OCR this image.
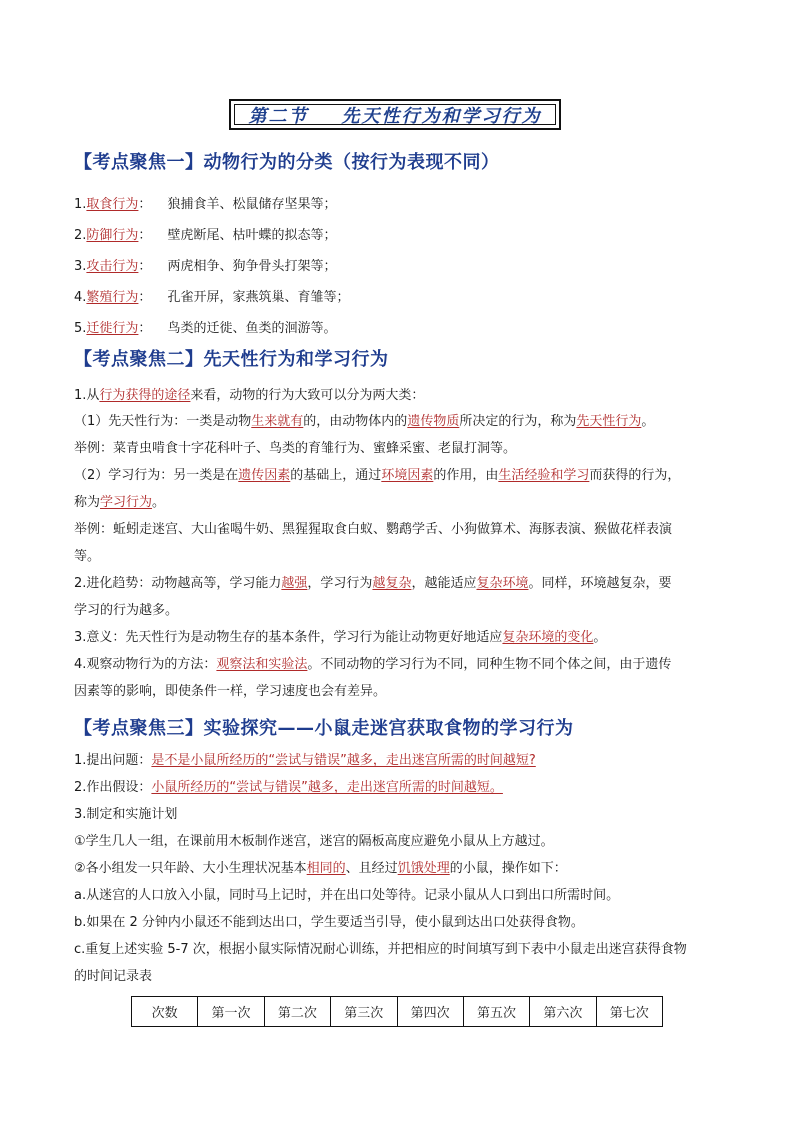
第二节    先天性行为和学习行为
【考点聚焦一】动物行为的分类（按行为表现不同）
1.取食行为： 狼捕食羊、松鼠储存坚果等；
2.防御行为： 壁虎断尾、枯叶蝶的拟态等；
3.攻击行为： 两虎相争、狗争骨头打架等；
4.繁殖行为： 孔雀开屏，家燕筑巢、育雏等；
5.迁徙行为： 鸟类的迁徙、鱼类的洄游等。
【考点聚焦二】先天性行为和学习行为
1.从行为获得的途径来看，动物的行为大致可以分为两大类：
（1）先天性行为：一类是动物生来就有的，由动物体内的遗传物质所决定的行为，称为先天性行为。
举例：菜青虫啃食十字花科叶子、鸟类的育雏行为、蜜蜂采蜜、老鼠打洞等。
（2）学习行为：另一类是在遗传因素的基础上，通过环境因素的作用，由生活经验和学习而获得的行为，
称为学习行为。
举例：蚯蚓走迷宫、大山雀喝牛奶、黑猩猩取食白蚁、鹦鹉学舌、小狗做算术、海豚表演、猴做花样表演
等。
2.进化趋势：动物越高等，学习能力越强，学习行为越复杂，越能适应复杂环境。同样，环境越复杂，要
学习的行为越多。
3.意义：先天性行为是动物生存的基本条件，学习行为能让动物更好地适应复杂环境的变化。
4.观察动物行为的方法：观察法和实验法。不同动物的学习行为不同，同种生物不同个体之间，由于遗传
因素等的影响，即使条件一样，学习速度也会有差异。
【考点聚焦三】实验探究——小鼠走迷宫获取食物的学习行为
1.提出问题：是不是小鼠所经历的“尝试与错误”越多，走出迷宫所需的时间越短?
2.作出假设：小鼠所经历的“尝试与错误”越多，走出迷宫所需的时间越短。
3.制定和实施计划
①学生几人一组，在课前用木板制作迷宫，迷宫的隔板高度应避免小鼠从上方越过。
②各小组发一只年龄、大小生理状况基本相同的、且经过饥饿处理的小鼠，操作如下：
a.从迷宫的人口放入小鼠，同时马上记时，并在出口处等待。记录小鼠从人口到出口所需时间。
b.如果在 2 分钟内小鼠还不能到达出口，学生要适当引导，使小鼠到达出口处获得食物。
c.重复上述实验 5-7 次，根据小鼠实际情况耐心训练，并把相应的时间填写到下表中小鼠走出迷宫获得食物
的时间记录表
次数	第一次	第二次	第三次	第四次	第五次	第六次	第七次
